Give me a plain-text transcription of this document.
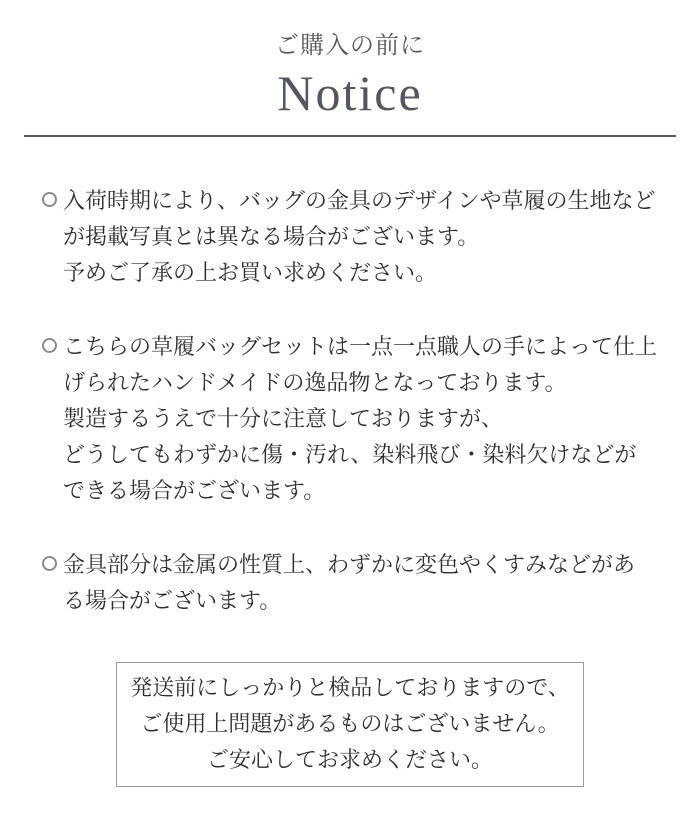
ご購入の前に
Notice
入荷時期により、バッグの金具のデザインや草履の生地など
が掲載写真とは異なる場合がございます。
予めご了承の上お買い求めください。
こちらの草履バッグセットは一点一点職人の手によって仕上
げられたハンドメイドの逸品物となっております。
製造するうえで十分に注意しておりますが、
どうしてもわずかに傷・汚れ、染料飛び・染料欠けなどが
できる場合がございます。
金具部分は金属の性質上、わずかに変色やくすみなどがあ
る場合がございます。
発送前にしっかりと検品しておりますので、
ご使用上問題があるものはございません。
ご安心してお求めください。
